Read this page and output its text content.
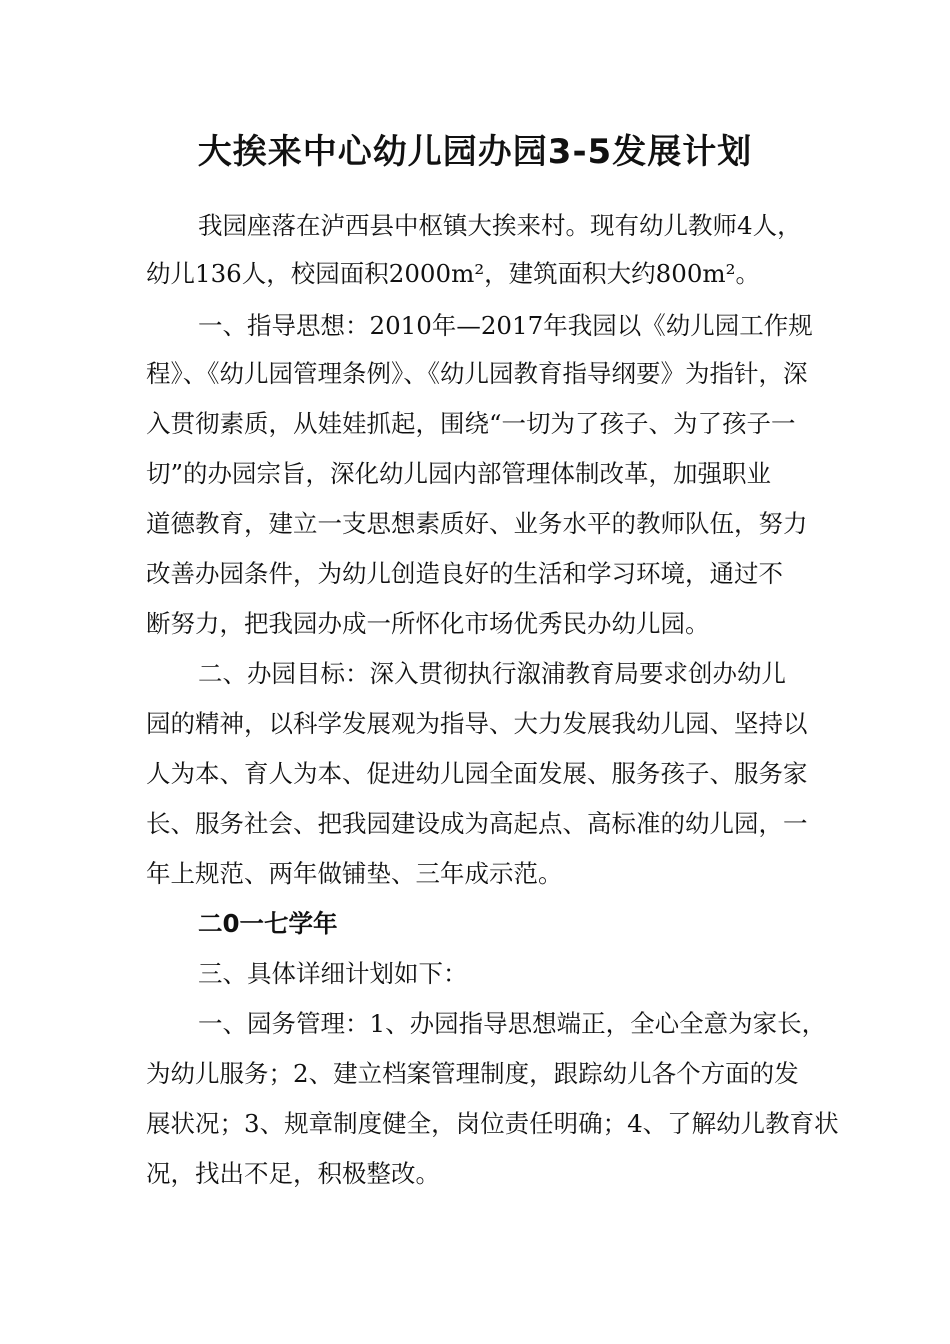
大挨来中心幼儿园办园3-5发展计划

我园座落在泸西县中枢镇大挨来村。现有幼儿教师4人，

幼儿136人，校园面积2000m²，建筑面积大约800m²。

一、指导思想：2010年—2017年我园以《幼儿园工作规

程》、《幼儿园管理条例》、《幼儿园教育指导纲要》为指针，深

入贯彻素质，从娃娃抓起，围绕“一切为了孩子、为了孩子一

切”的办园宗旨，深化幼儿园内部管理体制改革，加强职业

道德教育，建立一支思想素质好、业务水平的教师队伍，努力

改善办园条件，为幼儿创造良好的生活和学习环境，通过不

断努力，把我园办成一所怀化市场优秀民办幼儿园。

二、办园目标：深入贯彻执行溆浦教育局要求创办幼儿

园的精神，以科学发展观为指导、大力发展我幼儿园、坚持以

人为本、育人为本、促进幼儿园全面发展、服务孩子、服务家

长、服务社会、把我园建设成为高起点、高标准的幼儿园，一

年上规范、两年做铺垫、三年成示范。

二0一七学年

三、具体详细计划如下：

一、园务管理：1、办园指导思想端正，全心全意为家长，

为幼儿服务；2、建立档案管理制度，跟踪幼儿各个方面的发

展状况；3、规章制度健全，岗位责任明确；4、了解幼儿教育状

况，找出不足，积极整改。
